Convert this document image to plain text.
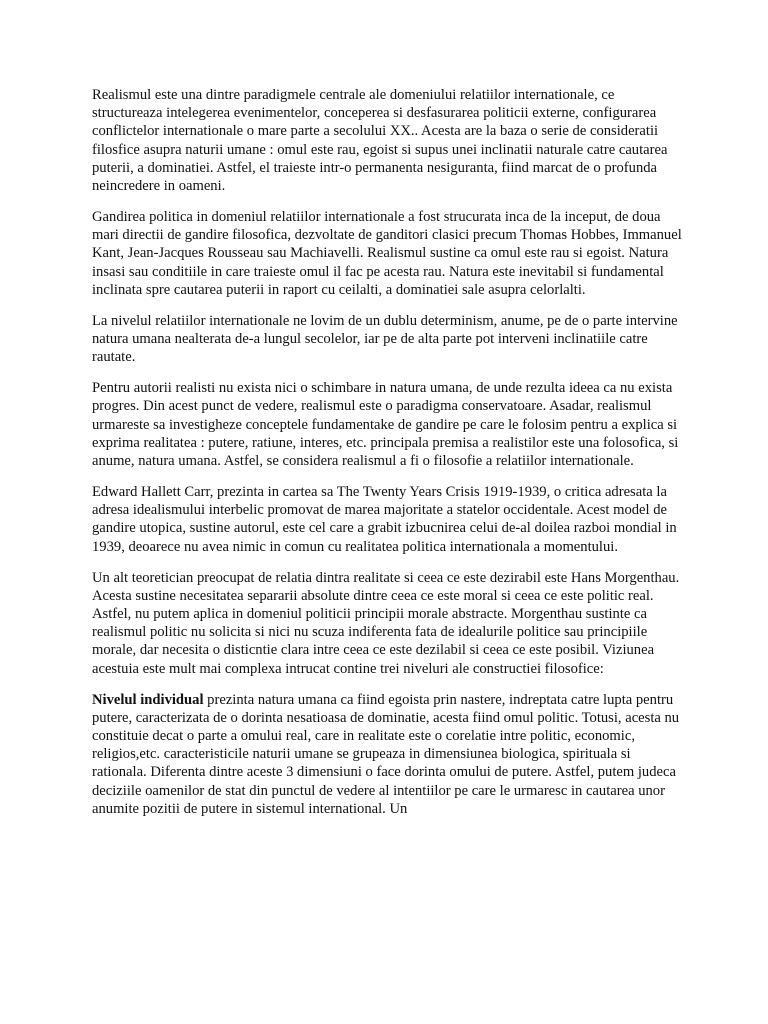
Realismul este una dintre paradigmele centrale ale domeniului relatiilor internationale, ce structureaza intelegerea evenimentelor, conceperea si desfasurarea politicii externe, configurarea conflictelor internationale o mare parte a secolului XX.. Acesta are la baza o serie de consideratii filosfice asupra naturii umane : omul este rau, egoist si supus unei inclinatii naturale catre cautarea puterii, a dominatiei. Astfel, el traieste intr-o permanenta nesiguranta, fiind marcat de o profunda neincredere in oameni.

Gandirea politica in domeniul relatiilor internationale a fost strucurata inca de la inceput, de doua mari directii de gandire filosofica, dezvoltate de ganditori clasici precum Thomas Hobbes, Immanuel Kant, Jean-Jacques Rousseau sau Machiavelli. Realismul sustine ca omul este rau si egoist. Natura insasi sau conditiile in care traieste omul il fac pe acesta rau. Natura este inevitabil si fundamental inclinata spre cautarea puterii in raport cu ceilalti, a dominatiei sale asupra celorlalti.

La nivelul relatiilor internationale ne lovim de un dublu determinism, anume, pe de o parte intervine natura umana nealterata de-a lungul secolelor, iar pe de alta parte pot interveni inclinatiile catre rautate.

Pentru autorii realisti nu exista nici o schimbare in natura umana, de unde rezulta ideea ca nu exista progres. Din acest punct de vedere, realismul este o paradigma conservatoare. Asadar, realismul urmareste sa investigheze conceptele fundamentake de gandire pe care le folosim pentru a explica si exprima realitatea : putere, ratiune, interes, etc. principala premisa a realistilor este una folosofica, si anume, natura umana. Astfel, se considera realismul a fi o filosofie a relatiilor internationale.

Edward Hallett Carr, prezinta in cartea sa The Twenty Years Crisis 1919-1939, o critica adresata la adresa idealismului interbelic promovat de marea majoritate a statelor occidentale. Acest model de gandire utopica, sustine autorul, este cel care a grabit izbucnirea celui de-al doilea razboi mondial in 1939, deoarece nu avea nimic in comun cu realitatea politica internationala a momentului.

Un alt teoretician preocupat de relatia dintra realitate si ceea ce este dezirabil este Hans Morgenthau. Acesta sustine necesitatea separarii absolute dintre ceea ce este moral si ceea ce este politic real. Astfel, nu putem aplica in domeniul politicii principii morale abstracte. Morgenthau sustinte ca realismul politic nu solicita si nici nu scuza indiferenta fata de idealurile politice sau principiile morale, dar necesita o disticntie clara intre ceea ce este dezilabil si ceea ce este posibil. Viziunea acestuia este mult mai complexa intrucat contine trei niveluri ale constructiei filosofice:

Nivelul individual prezinta natura umana ca fiind egoista prin nastere, indreptata catre lupta pentru putere, caracterizata de o dorinta nesatioasa de dominatie, acesta fiind omul politic. Totusi, acesta nu constituie decat o parte a omului real, care in realitate este o corelatie intre politic, economic, religios,etc. caracteristicile naturii umane se grupeaza in dimensiunea biologica, spirituala si rationala. Diferenta dintre aceste 3 dimensiuni o face dorinta omului de putere. Astfel, putem judeca deciziile oamenilor de stat din punctul de vedere al intentiilor pe care le urmaresc in cautarea unor anumite pozitii de putere in sistemul international. Un
